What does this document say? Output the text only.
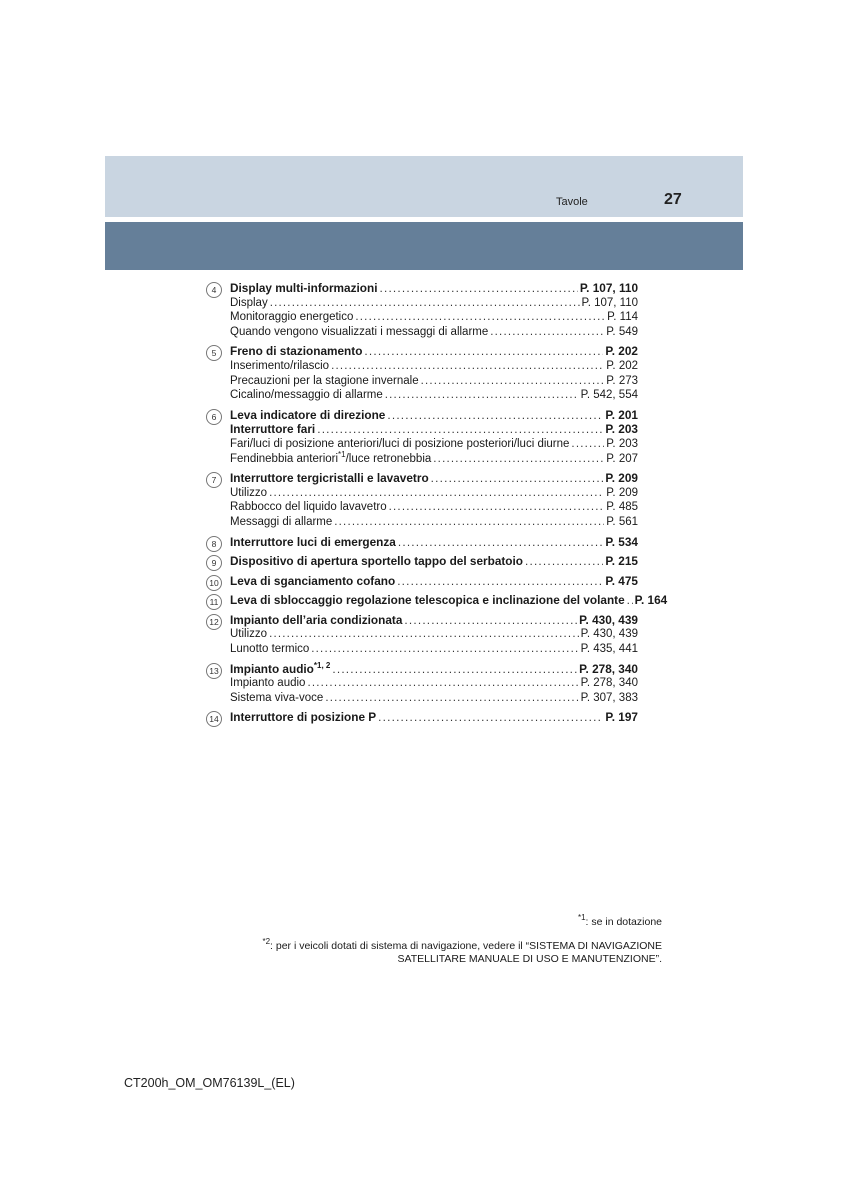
Tavole	27
4	Display multi-informazioni .....	P. 107, 110
Display .....	P. 107, 110
Monitoraggio energetico .....	P. 114
Quando vengono visualizzati i messaggi di allarme .....	P. 549
5	Freno di stazionamento .....	P. 202
Inserimento/rilascio .....	P. 202
Precauzioni per la stagione invernale .....	P. 273
Cicalino/messaggio di allarme .....	P. 542, 554
6	Leva indicatore di direzione .....	P. 201
Interruttore fari .....	P. 203
Fari/luci di posizione anteriori/luci di posizione posteriori/luci diurne .....	P. 203
Fendinebbia anteriori$^{*1}$/luce retronebbia .....	P. 207
7	Interruttore tergicristalli e lavavetro .....	P. 209
Utilizzo .....	P. 209
Rabbocco del liquido lavavetro .....	P. 485
Messaggi di allarme .....	P. 561
8	Interruttore luci di emergenza .....	P. 534
9	Dispositivo di apertura sportello tappo del serbatoio .....	P. 215
10 Leva di sganciamento cofano .....	P. 475
11 Leva di sbloccaggio regolazione telescopica e inclinazione del volante ..... P. 164
12 Impianto dell’aria condizionata .....	P. 430, 439
Utilizzo .....	P. 430, 439
Lunotto termico .....	P. 435, 441
13 Impianto audio$^{*1, 2}$ .....	P. 278, 340
Impianto audio .....	P. 278, 340
Sistema viva-voce .....	P. 307, 383
14 Interruttore di posizione P .....	P. 197
$^{*1}$: se in dotazione
$^{*2}$: per i veicoli dotati di sistema di navigazione, vedere il “SISTEMA DI NAVIGAZIONE SATELLITARE MANUALE DI USO E MANUTENZIONE”.
CT200h_OM_OM76139L_(EL)
